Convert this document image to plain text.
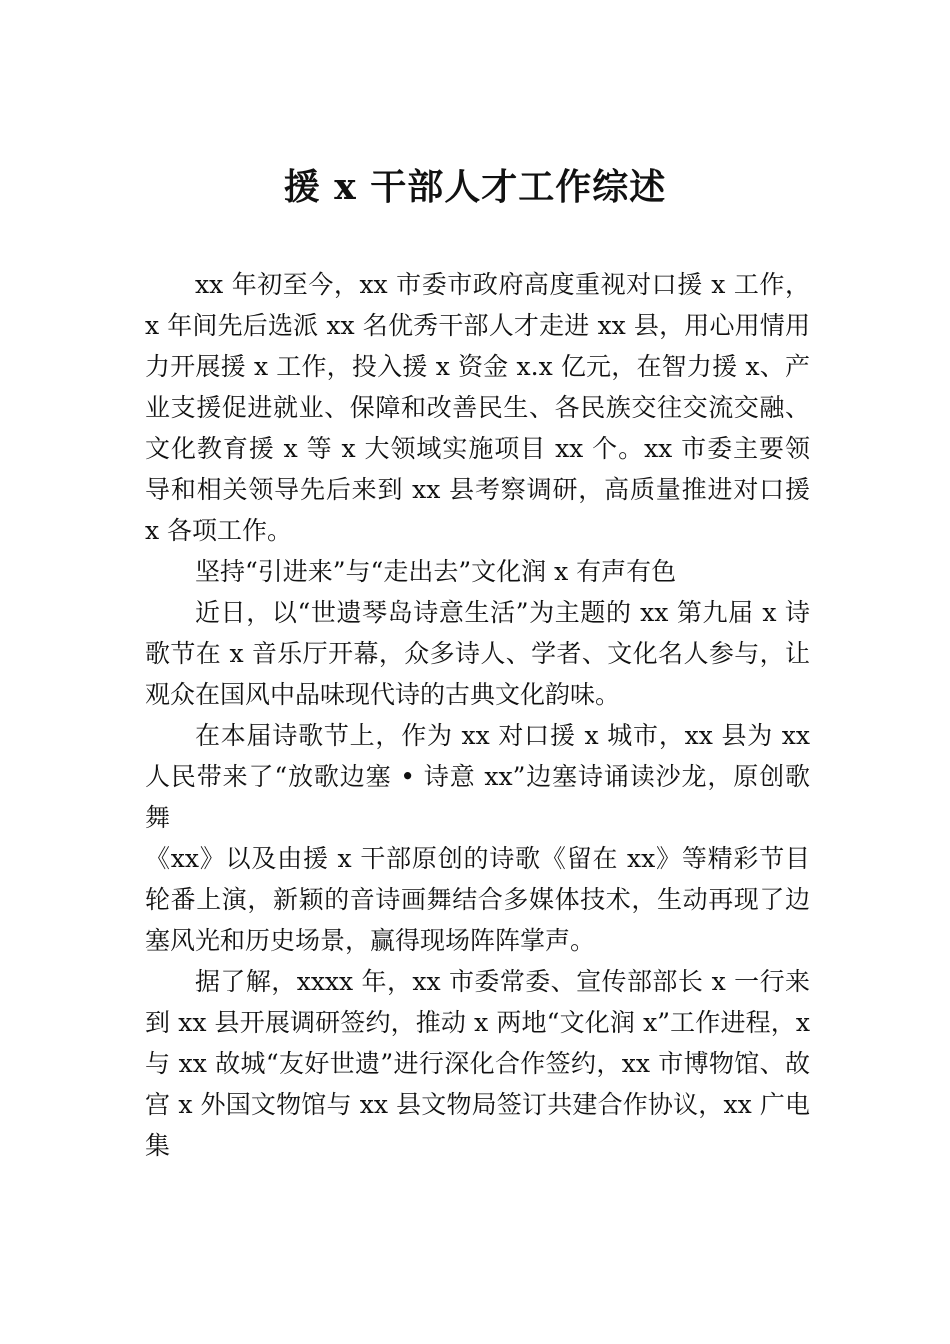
援 x 干部人才工作综述

xx 年初至今，xx 市委市政府高度重视对口援 x 工作，x 年间先后选派 xx 名优秀干部人才走进 xx 县，用心用情用力开展援 x 工作，投入援 x 资金 x.x 亿元，在智力援 x、产业支援促进就业、保障和改善民生、各民族交往交流交融、文化教育援 x 等 x 大领域实施项目 xx 个。xx 市委主要领导和相关领导先后来到 xx 县考察调研，高质量推进对口援 x 各项工作。

坚持“引进来”与“走出去”文化润 x 有声有色

近日，以“世遗琴岛诗意生活”为主题的 xx 第九届 x 诗歌节在 x 音乐厅开幕，众多诗人、学者、文化名人参与，让观众在国风中品味现代诗的古典文化韵味。

在本届诗歌节上，作为 xx 对口援 x 城市，xx 县为 xx 人民带来了“放歌边塞 • 诗意 xx”边塞诗诵读沙龙，原创歌舞

《xx》以及由援 x 干部原创的诗歌《留在 xx》等精彩节目轮番上演，新颖的音诗画舞结合多媒体技术，生动再现了边塞风光和历史场景，赢得现场阵阵掌声。

据了解，xxxx 年，xx 市委常委、宣传部部长 x 一行来到 xx 县开展调研签约，推动 x 两地“文化润 x”工作进程，x 与 xx 故城“友好世遗”进行深化合作签约，xx 市博物馆、故宫 x 外国文物馆与 xx 县文物局签订共建合作协议，xx 广电集
